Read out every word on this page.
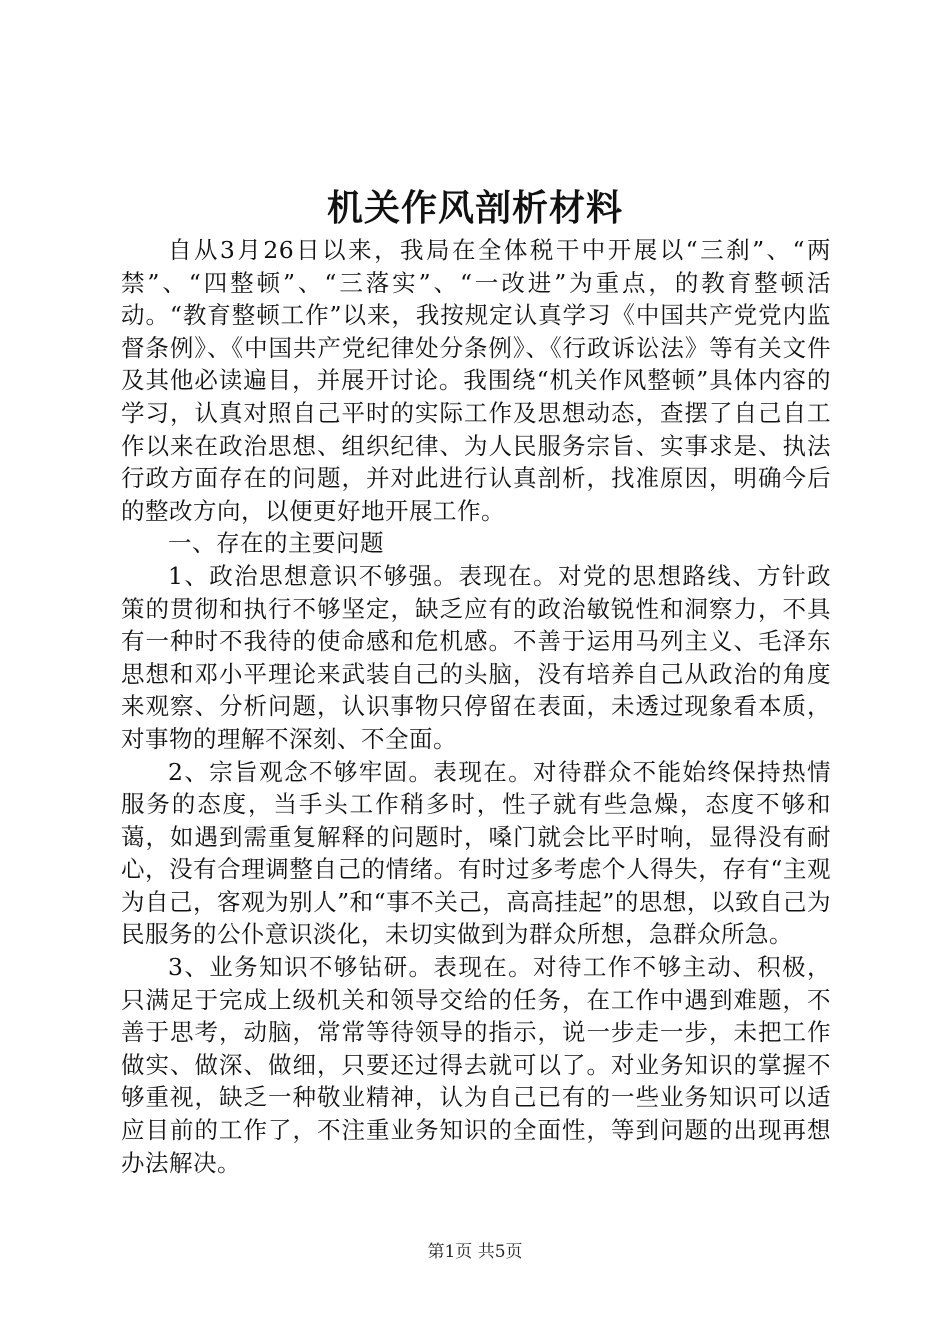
机关作风剖析材料

自从3月26日以来，我局在全体税干中开展以“三刹”、“两禁”、“四整顿”、“三落实”、“一改进”为重点，的教育整顿活动。“教育整顿工作”以来，我按规定认真学习《中国共产党党内监督条例》、《中国共产党纪律处分条例》、《行政诉讼法》等有关文件及其他必读遍目，并展开讨论。我围绕“机关作风整顿”具体内容的学习，认真对照自己平时的实际工作及思想动态，查摆了自己自工作以来在政治思想、组织纪律、为人民服务宗旨、实事求是、执法行政方面存在的问题，并对此进行认真剖析，找准原因，明确今后的整改方向，以便更好地开展工作。

一、存在的主要问题

1、政治思想意识不够强。表现在。对党的思想路线、方针政策的贯彻和执行不够坚定，缺乏应有的政治敏锐性和洞察力，不具有一种时不我待的使命感和危机感。不善于运用马列主义、毛泽东思想和邓小平理论来武装自己的头脑，没有培养自己从政治的角度来观察、分析问题，认识事物只停留在表面，未透过现象看本质，对事物的理解不深刻、不全面。

2、宗旨观念不够牢固。表现在。对待群众不能始终保持热情服务的态度，当手头工作稍多时，性子就有些急燥，态度不够和蔼，如遇到需重复解释的问题时，嗓门就会比平时响，显得没有耐心，没有合理调整自己的情绪。有时过多考虑个人得失，存有“主观为自己，客观为别人”和“事不关己，高高挂起”的思想，以致自己为民服务的公仆意识淡化，未切实做到为群众所想，急群众所急。

3、业务知识不够钻研。表现在。对待工作不够主动、积极，只满足于完成上级机关和领导交给的任务，在工作中遇到难题，不善于思考，动脑，常常等待领导的指示，说一步走一步，未把工作做实、做深、做细，只要还过得去就可以了。对业务知识的掌握不够重视，缺乏一种敬业精神，认为自己已有的一些业务知识可以适应目前的工作了，不注重业务知识的全面性，等到问题的出现再想办法解决。

第1页 共5页
